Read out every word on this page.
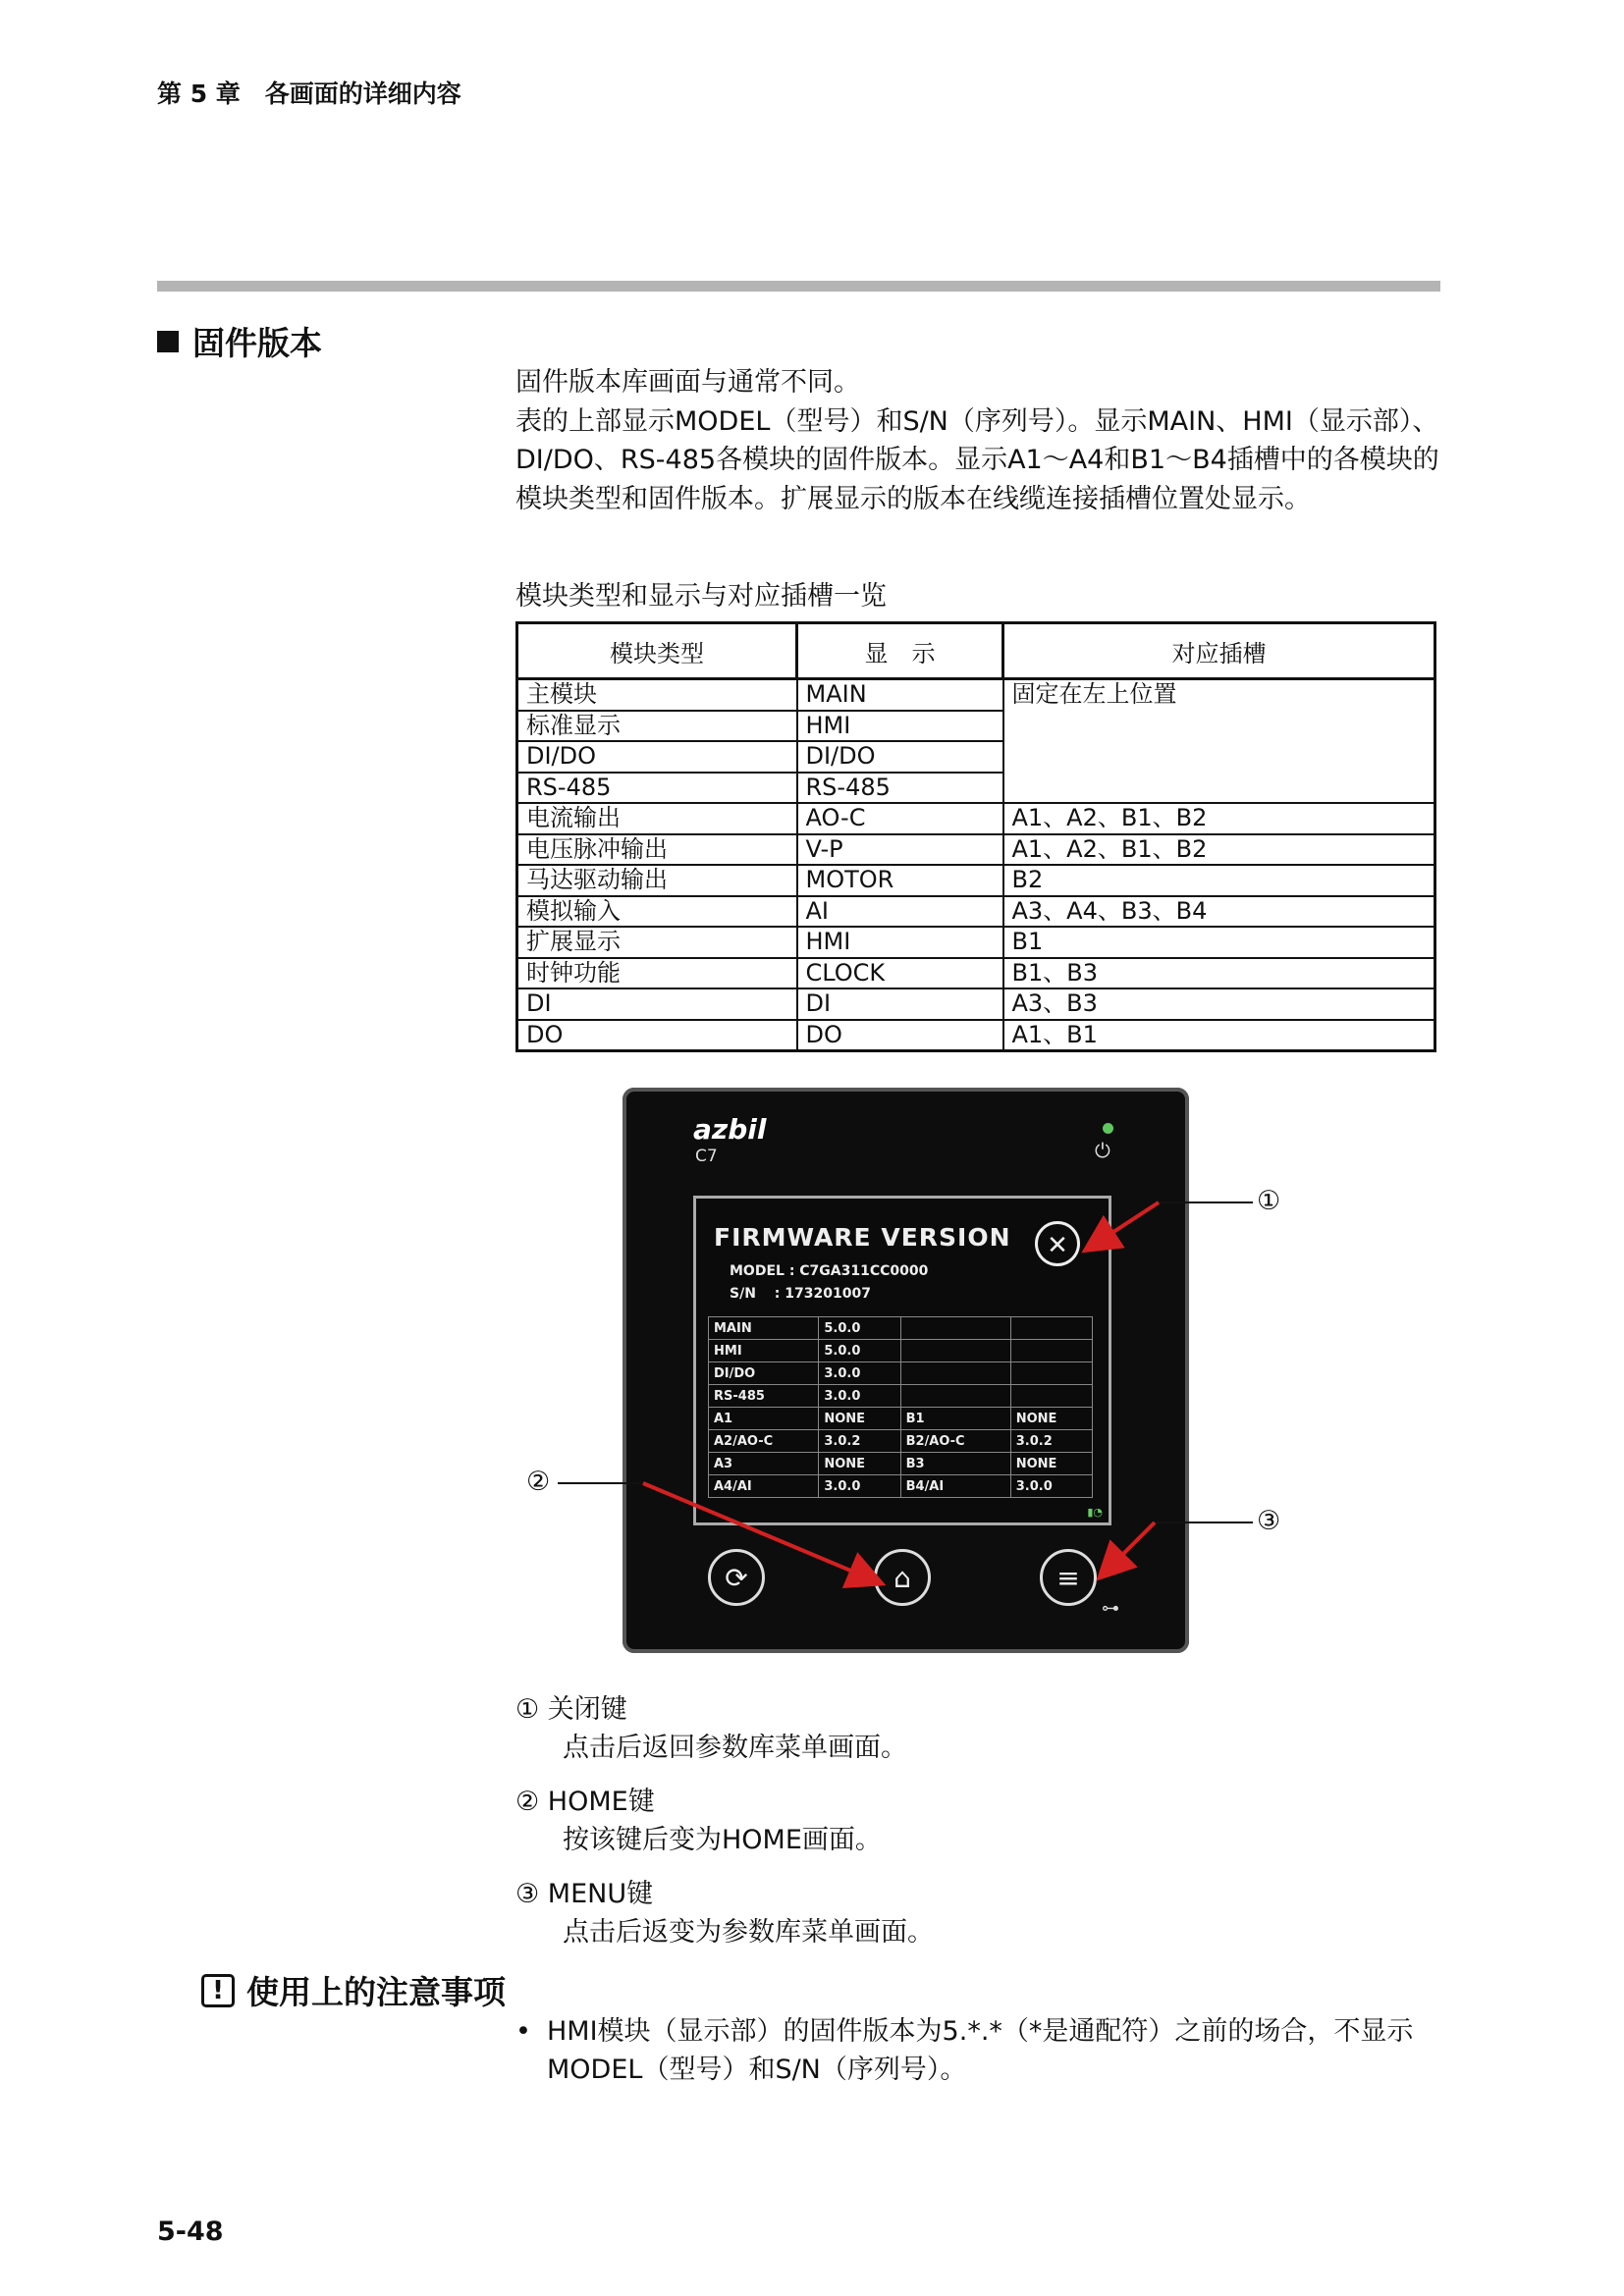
第 5 章　各画面的详细内容
固件版本

固件版本库画面与通常不同。

表的上部显示MODEL（型号）和S/N（序列号）。显示MAIN、HMI（显示部）、DI/DO、RS-485各模块的固件版本。显示A1～A4和B1～B4插槽中的各模块的模块类型和固件版本。扩展显示的版本在线缆连接插槽位置处显示。

模块类型和显示与对应插槽一览
模块类型	显　示	对应插槽
主模块	MAIN	固定在左上位置
标准显示	HMI	
DI/DO	DI/DO	
RS-485	RS-485	
电流输出	AO-C	A1、A2、B1、B2
电压脉冲输出	V-P	A1、A2、B1、B2
马达驱动输出	MOTOR	B2
模拟输入	AI	A3、A4、B3、B4
扩展显示	HMI	B1
时钟功能	CLOCK	B1、B3
DI	DI	A3、B3
DO	DO	A1、B1
azbil
C7	⏻
FIRMWARE VERSION
MODEL : C7GA311CC0000
S/N　 : 173201007
✕
MAIN	5.0.0		
HMI	5.0.0		
DI/DO	3.0.0		
RS-485	3.0.0		
A1	NONE	B1	NONE
A2/AO-C	3.0.2	B2/AO-C	3.0.2
A3	NONE	B3	NONE
A4/AI	3.0.0	B4/AI	3.0.0
▮◔
⟳	⌂	≡
⊶
①
②
③
① 关闭键
点击后返回参数库菜单画面。
② HOME键
按该键后变为HOME画面。
③ MENU键
点击后返变为参数库菜单画面。
! 使用上的注意事项
• HMI模块（显示部）的固件版本为5.*.*（*是通配符）之前的场合，不显示MODEL（型号）和S/N（序列号）。
5-48
